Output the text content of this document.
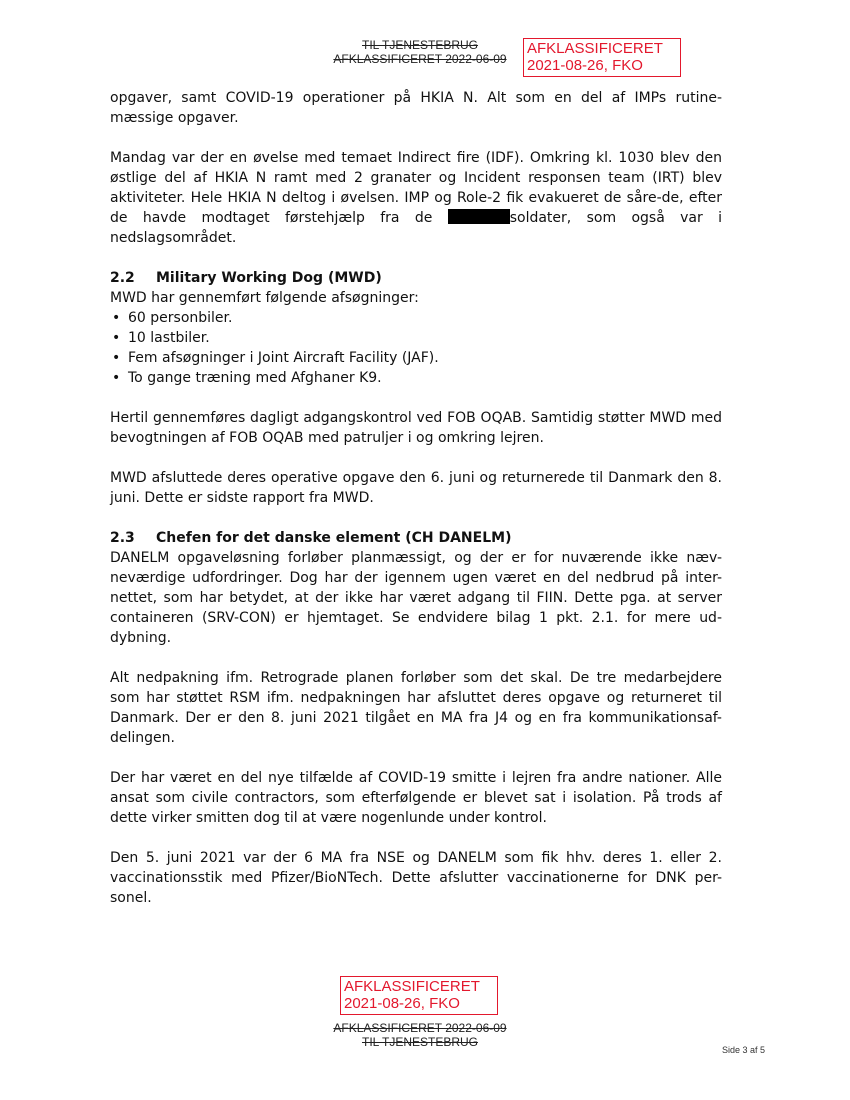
TIL TJENESTEBRUG
AFKLASSIFICERET 2022-06-09
AFKLASSIFICERET
2021-08-26, FKO

opgaver, samt COVID-19 operationer på HKIA N. Alt som en del af IMPs rutine-mæssige opgaver.

Mandag var der en øvelse med temaet Indirect fire (IDF). Omkring kl. 1030 blev den østlige del af HKIA N ramt med 2 granater og Incident responsen team (IRT) blev aktiviteter. Hele HKIA N deltog i øvelsen. IMP og Role-2 fik evakueret de såre-de, efter de havde modtaget førstehjælp fra de	soldater, som også var i nedslagsområdet.

2.2 Military Working Dog (MWD)

MWD har gennemført følgende afsøgninger:

• 60 personbiler.
• 10 lastbiler.
• Fem afsøgninger i Joint Aircraft Facility (JAF).
• To gange træning med Afghaner K9.

Hertil gennemføres dagligt adgangskontrol ved FOB OQAB. Samtidig støtter MWD med bevogtningen af FOB OQAB med patruljer i og omkring lejren.

MWD afsluttede deres operative opgave den 6. juni og returnerede til Danmark den 8. juni. Dette er sidste rapport fra MWD.

2.3 Chefen for det danske element (CH DANELM)

DANELM opgaveløsning forløber planmæssigt, og der er for nuværende ikke næv-neværdige udfordringer. Dog har der igennem ugen været en del nedbrud på inter-nettet, som har betydet, at der ikke har været adgang til FIIN. Dette pga. at server containeren (SRV-CON) er hjemtaget. Se endvidere bilag 1 pkt. 2.1. for mere ud-dybning.

Alt nedpakning ifm. Retrograde planen forløber som det skal. De tre medarbejdere som har støttet RSM ifm. nedpakningen har afsluttet deres opgave og returneret til Danmark. Der er den 8. juni 2021 tilgået en MA fra J4 og en fra kommunikationsaf-delingen.

Der har været en del nye tilfælde af COVID-19 smitte i lejren fra andre nationer. Alle ansat som civile contractors, som efterfølgende er blevet sat i isolation. På trods af dette virker smitten dog til at være nogenlunde under kontrol.

Den 5. juni 2021 var der 6 MA fra NSE og DANELM som fik hhv. deres 1. eller 2. vaccinationsstik med Pfizer/BioNTech. Dette afslutter vaccinationerne for DNK per-sonel.

AFKLASSIFICERET
2021-08-26, FKO
AFKLASSIFICERET 2022-06-09
TIL TJENESTEBRUG
Side 3 af 5
